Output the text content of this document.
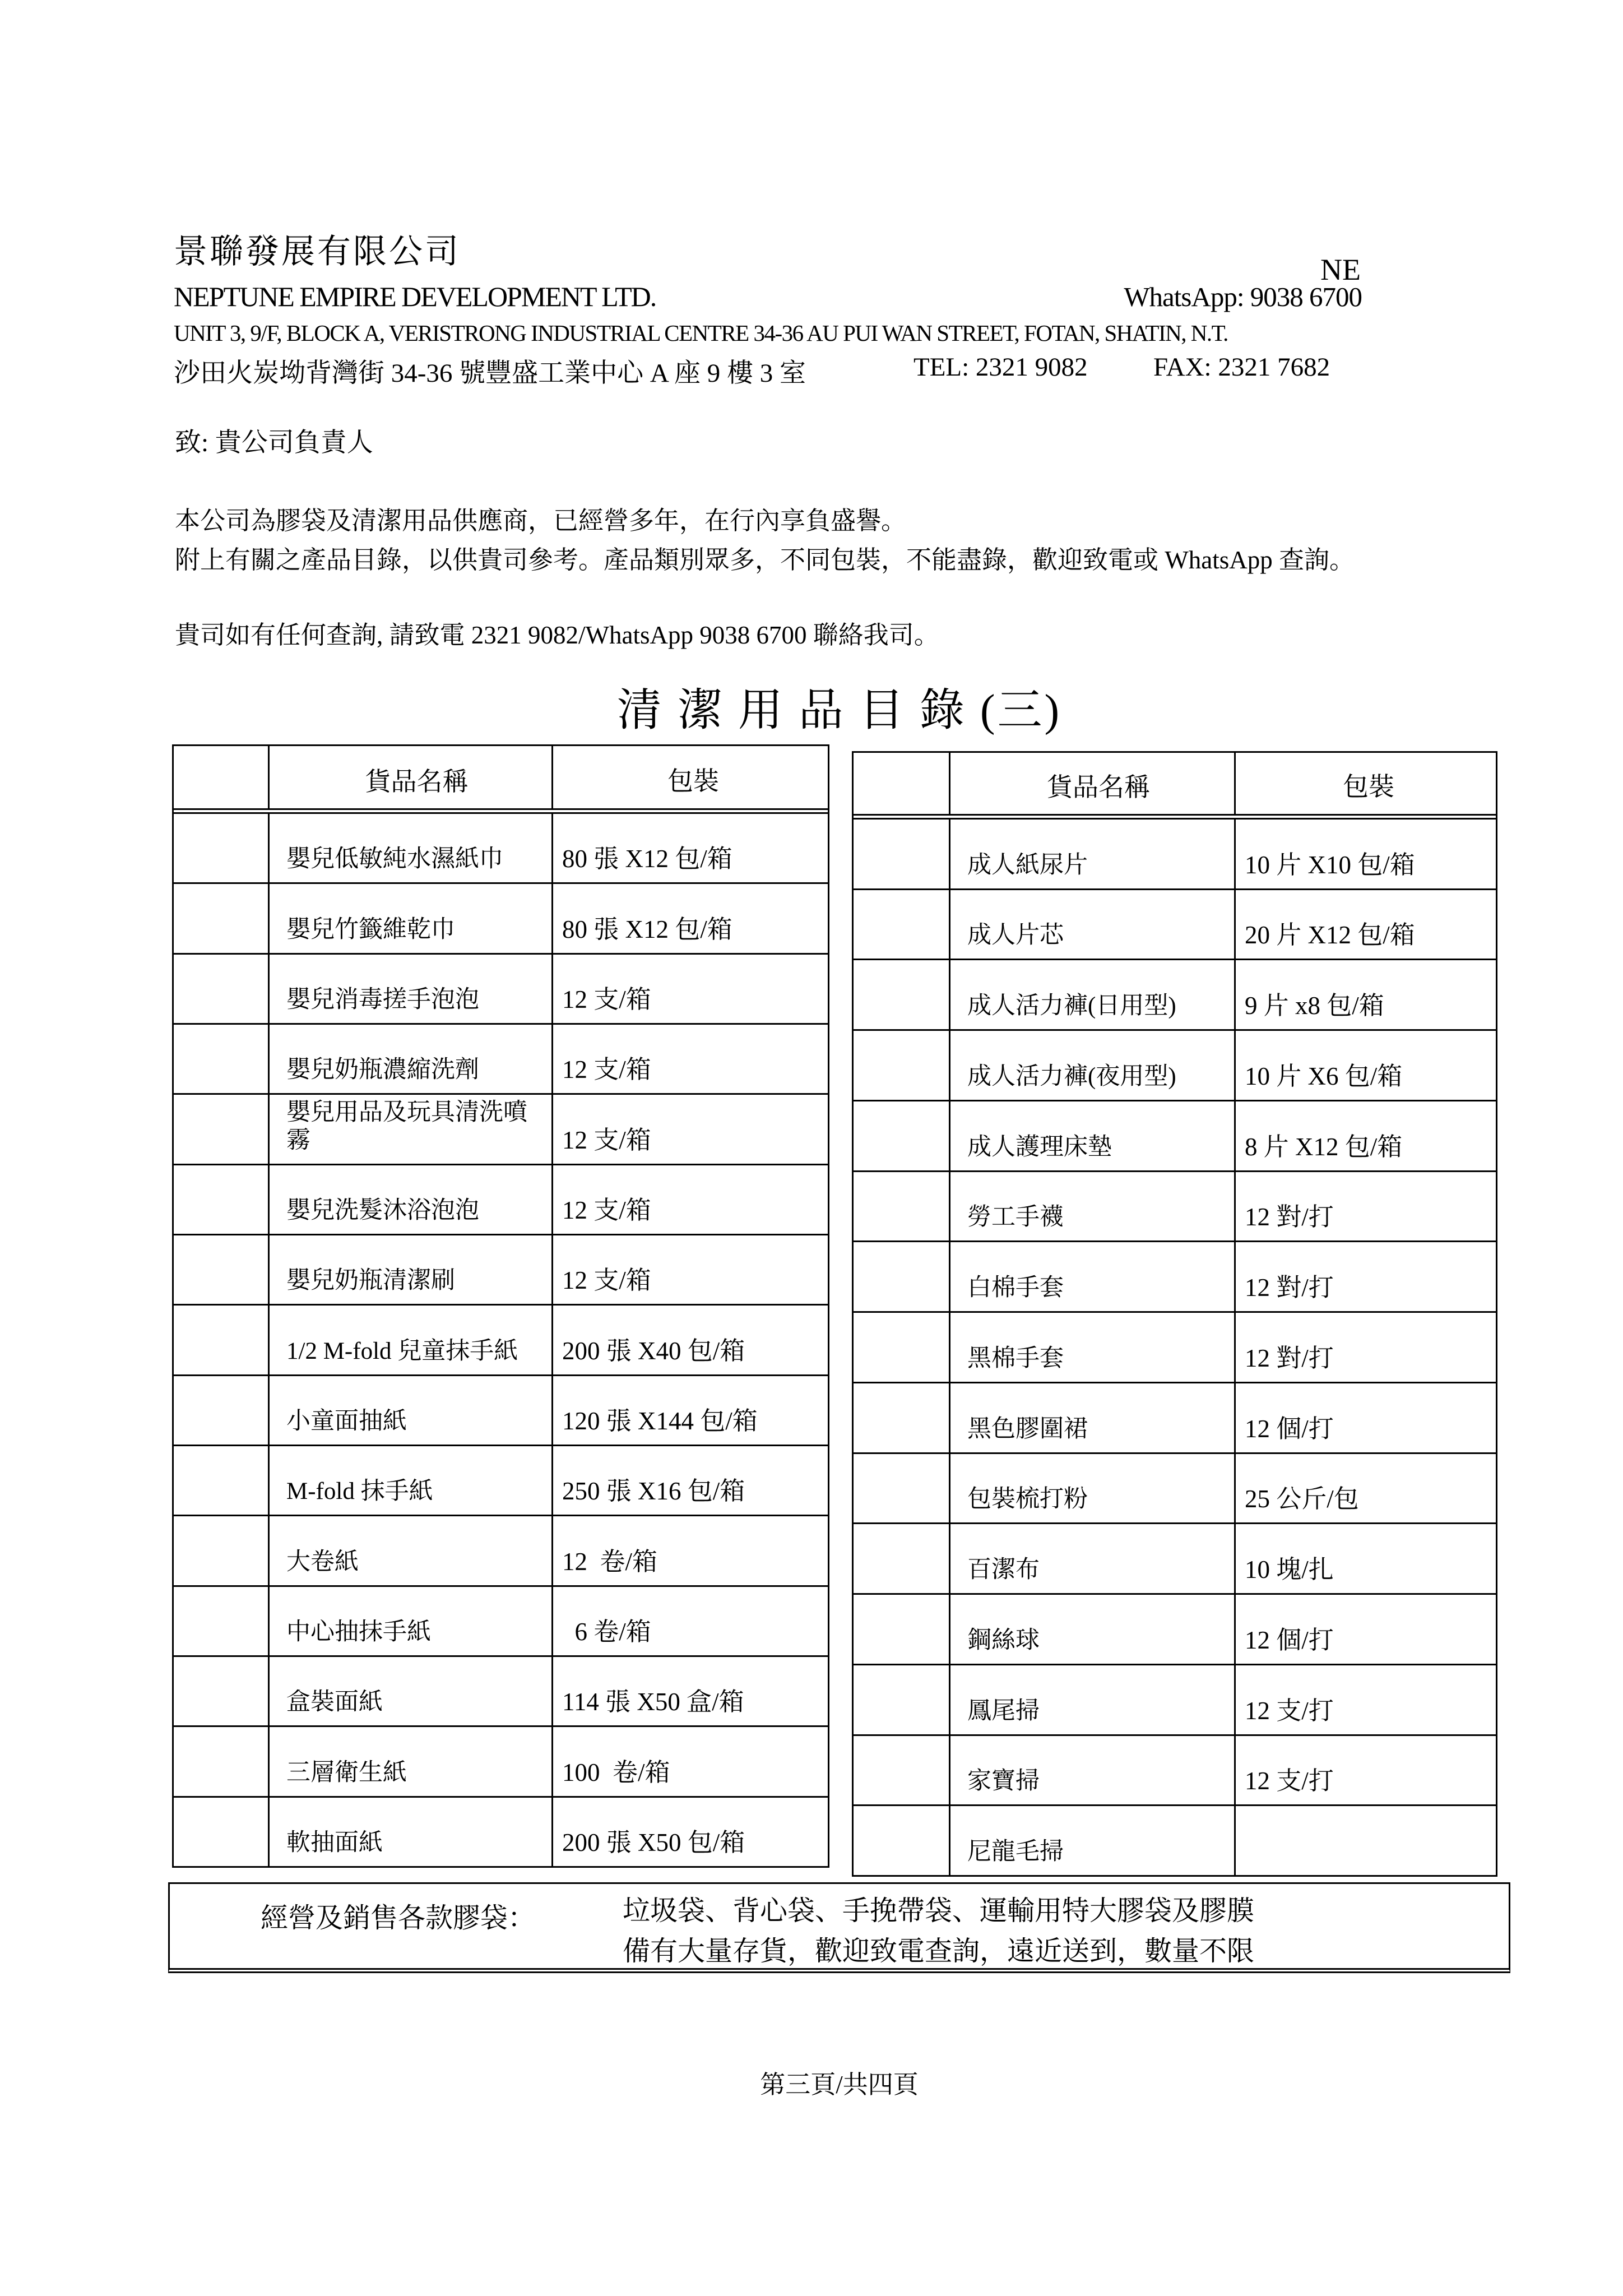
景聯發展有限公司	NE
NEPTUNE EMPIRE DEVELOPMENT LTD.	WhatsApp: 9038 6700
UNIT 3, 9/F, BLOCK A, VERISTRONG INDUSTRIAL CENTRE 34-36 AU PUI WAN STREET, FOTAN, SHATIN, N.T.
沙田火炭坳背灣街 34-36 號豐盛工業中心 A 座 9 樓 3 室	TEL: 2321 9082 FAX: 2321 7682
致: 貴公司負責人
本公司為膠袋及清潔用品供應商，已經營多年，在行內享負盛譽。
附上有關之產品目錄，以供貴司參考。產品類別眾多，不同包裝，不能盡錄，歡迎致電或 WhatsApp 查詢。
貴司如有任何查詢, 請致電 2321 9082/WhatsApp 9038 6700 聯絡我司。
清 潔 用 品 目 錄 (三)
貨品名稱	包裝
嬰兒低敏純水濕紙巾	80 張 X12 包/箱
嬰兒竹籤維乾巾	80 張 X12 包/箱
嬰兒消毒搓手泡泡	12 支/箱
嬰兒奶瓶濃縮洗劑	12 支/箱
嬰兒用品及玩具清洗噴霧	12 支/箱
嬰兒洗髮沐浴泡泡	12 支/箱
嬰兒奶瓶清潔刷	12 支/箱
1/2 M-fold 兒童抹手紙	200 張 X40 包/箱
小童面抽紙	120 張 X144 包/箱
M-fold 抹手紙	250 張 X16 包/箱
大卷紙	12  卷/箱
中心抽抹手紙	6 卷/箱
盒裝面紙	114 張 X50 盒/箱
三層衛生紙	100  卷/箱
軟抽面紙	200 張 X50 包/箱
貨品名稱	包裝
成人紙尿片	10 片 X10 包/箱
成人片芯	20 片 X12 包/箱
成人活力褲(日用型)	9 片 x8 包/箱
成人活力褲(夜用型)	10 片 X6 包/箱
成人護理床墊	8 片 X12 包/箱
勞工手襪	12 對/打
白棉手套	12 對/打
黑棉手套	12 對/打
黑色膠圍裙	12 個/打
包裝梳打粉	25 公斤/包
百潔布	10 塊/扎
鋼絲球	12 個/打
鳳尾掃	12 支/打
家寶掃	12 支/打
尼龍毛掃
經營及銷售各款膠袋：	垃圾袋、背心袋、手挽帶袋、運輸用特大膠袋及膠膜
備有大量存貨，歡迎致電查詢，遠近送到，數量不限
第三頁/共四頁
